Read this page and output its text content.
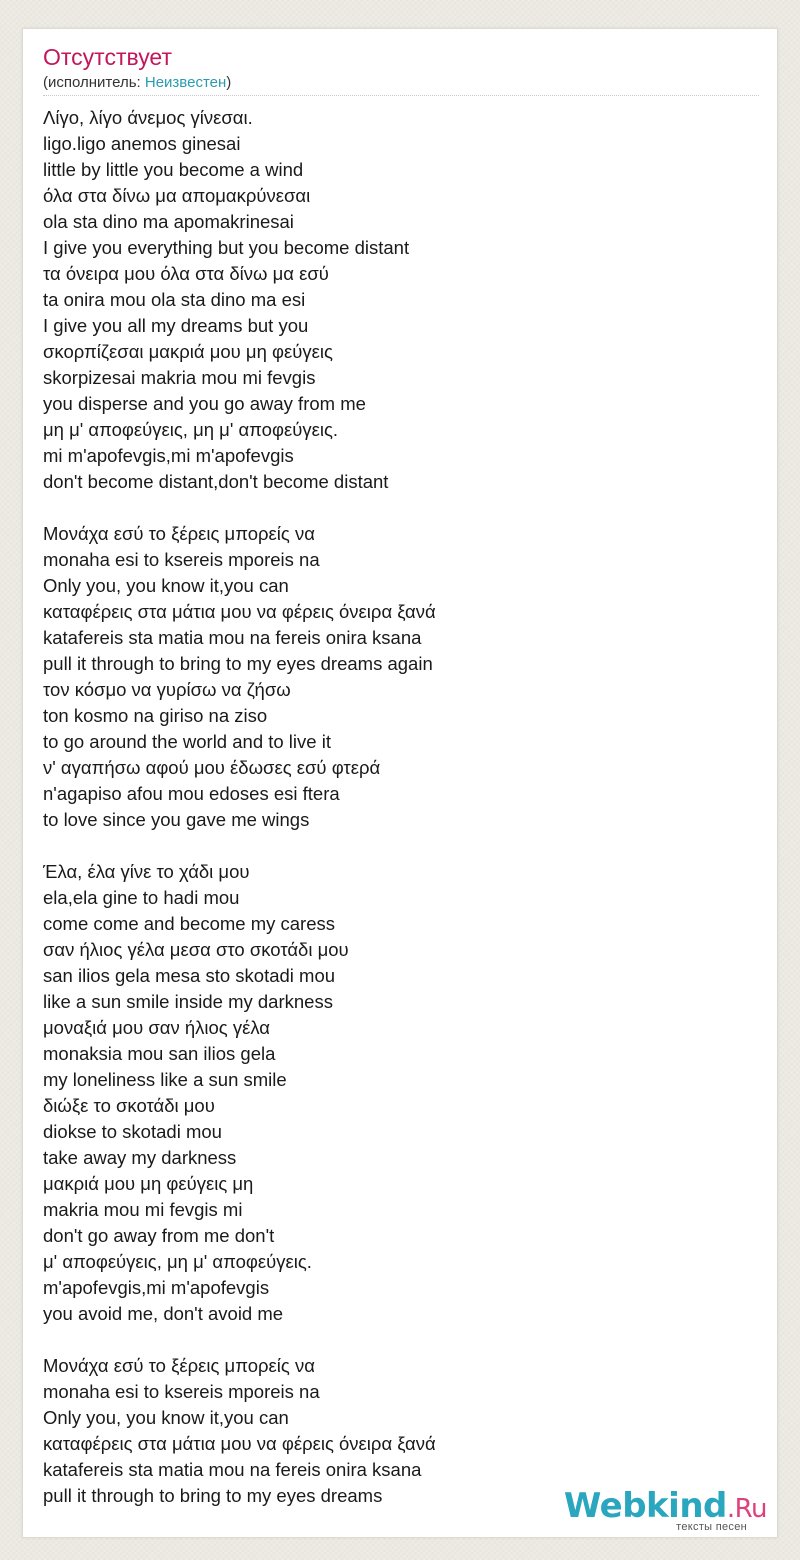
Отсутствует
(исполнитель: Неизвестен)
Λίγο, λίγο άνεμος γίνεσαι.
ligo.ligo anemos ginesai
little by little you become a wind
όλα στα δίνω μα απομακρύνεσαι
ola sta dino ma apomakrinesai
I give you everything but you become distant
τα όνειρα μου όλα στα δίνω μα εσύ
ta onira mou ola sta dino ma esi
I give you all my dreams but you
σκορπίζεσαι μακριά μου μη φεύγεις
skorpizesai makria mou mi fevgis
you disperse and you go away from me
μη μ' αποφεύγεις, μη μ' αποφεύγεις.
mi m'apofevgis,mi m'apofevgis
don't become distant,don't become distant
Μονάχα εσύ το ξέρεις μπορείς να
monaha esi to ksereis mporeis na
Only you, you know it,you can
καταφέρεις στα μάτια μου να φέρεις όνειρα ξανά
katafereis sta matia mou na fereis onira ksana
pull it through to bring to my eyes dreams again
τον κόσμο να γυρίσω να ζήσω
ton kosmo na giriso na ziso
to go around the world and to live it
ν' αγαπήσω αφού μου έδωσες εσύ φτερά
n'agapiso afou mou edoses esi ftera
to love since you gave me wings
Έλα, έλα γίνε το χάδι μου
ela,ela gine to hadi mou
come come and become my caress
σαν ήλιος γέλα μεσα στο σκοτάδι μου
san ilios gela mesa sto skotadi mou
like a sun smile inside my darkness
μοναξιά μου σαν ήλιος γέλα
monaksia mou san ilios gela
my loneliness like a sun smile
διώξε το σκοτάδι μου
diokse to skotadi mou
take away my darkness
μακριά μου μη φεύγεις μη
makria mou mi fevgis mi
don't go away from me don't
μ' αποφεύγεις, μη μ' αποφεύγεις.
m'apofevgis,mi m'apofevgis
you avoid me, don't avoid me
Μονάχα εσύ το ξέρεις μπορείς να
monaha esi to ksereis mporeis na
Only you, you know it,you can
καταφέρεις στα μάτια μου να φέρεις όνειρα ξανά
katafereis sta matia mou na fereis onira ksana
pull it through to bring to my eyes dreams	Webkind.Ru
тексты песен
